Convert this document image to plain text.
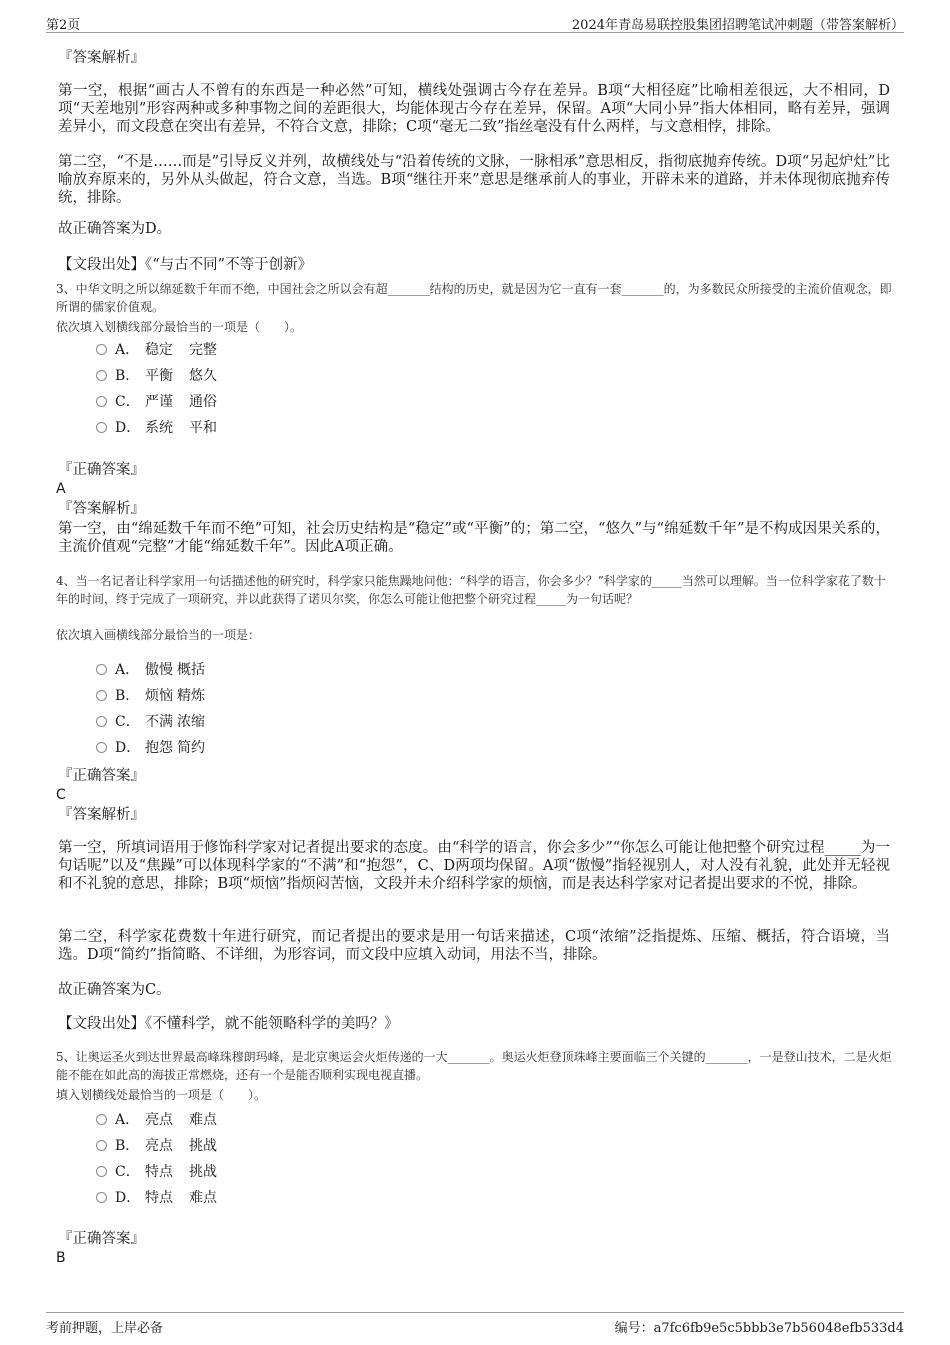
第2页	2024年青岛易联控股集团招聘笔试冲刺题（带答案解析）
『答案解析』
第一空，根据“画古人不曾有的东西是一种必然”可知，横线处强调古今存在差异。B项“大相径庭”比喻相差很远，大不相同，D项“天差地别”形容两种或多种事物之间的差距很大，均能体现古今存在差异，保留。A项“大同小异”指大体相同，略有差异，强调差异小，而文段意在突出有差异，不符合文意，排除；C项“毫无二致”指丝毫没有什么两样，与文意相悖，排除。
第二空，“不是……而是”引导反义并列，故横线处与“沿着传统的文脉，一脉相承”意思相反，指彻底抛弃传统。D项“另起炉灶”比喻放弃原来的，另外从头做起，符合文意，当选。B项“继往开来”意思是继承前人的事业，开辟未来的道路，并未体现彻底抛弃传统，排除。
故正确答案为D。
【文段出处】《“与古不同”不等于创新》
3、中华文明之所以绵延数千年而不绝，中国社会之所以会有超_______结构的历史，就是因为它一直有一套_______的，为多数民众所接受的主流价值观念，即所谓的儒家价值观。
依次填入划横线部分最恰当的一项是（　　）。
A． 稳定 完整
B． 平衡 悠久
C． 严谨 通俗
D． 系统 平和
『正确答案』
A
『答案解析』
第一空，由“绵延数千年而不绝”可知，社会历史结构是“稳定”或“平衡”的；第二空，“悠久”与“绵延数千年”是不构成因果关系的，主流价值观“完整”才能“绵延数千年”。因此A项正确。
4、当一名记者让科学家用一句话描述他的研究时，科学家只能焦躁地问他：“科学的语言，你会多少？”科学家的_____当然可以理解。当一位科学家花了数十年的时间，终于完成了一项研究，并以此获得了诺贝尔奖，你怎么可能让他把整个研究过程_____为一句话呢？
依次填入画横线部分最恰当的一项是：
A． 傲慢 概括
B． 烦恼 精炼
C． 不满 浓缩
D． 抱怨 简约
『正确答案』
C
『答案解析』
第一空，所填词语用于修饰科学家对记者提出要求的态度。由“科学的语言，你会多少”“你怎么可能让他把整个研究过程_____为一句话呢”以及“焦躁”可以体现科学家的“不满”和“抱怨”，C、D两项均保留。A项“傲慢”指轻视别人，对人没有礼貌，此处并无轻视和不礼貌的意思，排除；B项“烦恼”指烦闷苦恼，文段并未介绍科学家的烦恼，而是表达科学家对记者提出要求的不悦，排除。
第二空，科学家花费数十年进行研究，而记者提出的要求是用一句话来描述，C项“浓缩”泛指提炼、压缩、概括，符合语境，当选。D项“简约”指简略、不详细，为形容词，而文段中应填入动词，用法不当，排除。
故正确答案为C。
【文段出处】《不懂科学，就不能领略科学的美吗？》
5、让奥运圣火到达世界最高峰珠穆朗玛峰，是北京奥运会火炬传递的一大_______。奥运火炬登顶珠峰主要面临三个关键的_______，一是登山技术，二是火炬能不能在如此高的海拔正常燃烧，还有一个是能否顺利实现电视直播。
填入划横线处最恰当的一项是（　　）。
A． 亮点 难点
B． 亮点 挑战
C． 特点 挑战
D． 特点 难点
『正确答案』
B
考前押题，上岸必备	编号：a7fc6fb9e5c5bbb3e7b56048efb533d4
